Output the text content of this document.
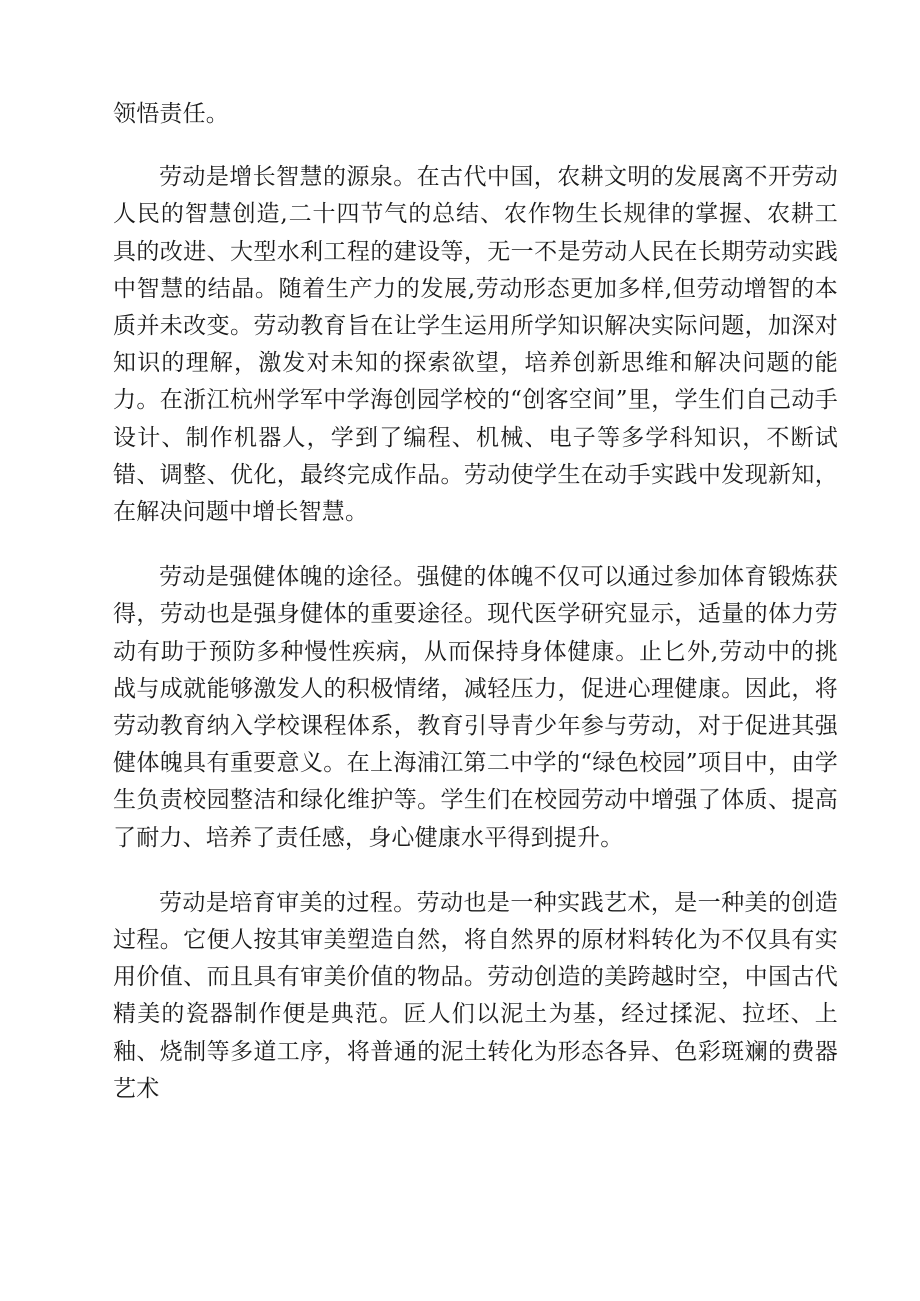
领悟责任。

劳动是增长智慧的源泉。在古代中国，农耕文明的发展离不开劳动人民的智慧创造,二十四节气的总结、农作物生长规律的掌握、农耕工具的改进、大型水利工程的建设等，无一不是劳动人民在长期劳动实践中智慧的结晶。随着生产力的发展,劳动形态更加多样,但劳动增智的本质并未改变。劳动教育旨在让学生运用所学知识解决实际问题，加深对知识的理解，激发对未知的探索欲望，培养创新思维和解决问题的能力。在浙江杭州学军中学海创园学校的“创客空间”里，学生们自己动手设计、制作机器人，学到了编程、机械、电子等多学科知识，不断试错、调整、优化，最终完成作品。劳动使学生在动手实践中发现新知，在解决问题中增长智慧。

劳动是强健体魄的途径。强健的体魄不仅可以通过参加体育锻炼获得，劳动也是强身健体的重要途径。现代医学研究显示，适量的体力劳动有助于预防多种慢性疾病，从而保持身体健康。止匕外,劳动中的挑战与成就能够激发人的积极情绪，减轻压力，促进心理健康。因此，将劳动教育纳入学校课程体系，教育引导青少年参与劳动，对于促进其强健体魄具有重要意义。在上海浦江第二中学的“绿色校园”项目中，由学生负责校园整洁和绿化维护等。学生们在校园劳动中增强了体质、提高了耐力、培养了责任感，身心健康水平得到提升。

劳动是培育审美的过程。劳动也是一种实践艺术，是一种美的创造过程。它便人按其审美塑造自然，将自然界的原材料转化为不仅具有实用价值、而且具有审美价值的物品。劳动创造的美跨越时空，中国古代精美的瓷器制作便是典范。匠人们以泥土为基，经过揉泥、拉坯、上釉、烧制等多道工序，将普通的泥土转化为形态各异、色彩斑斓的费器艺术
